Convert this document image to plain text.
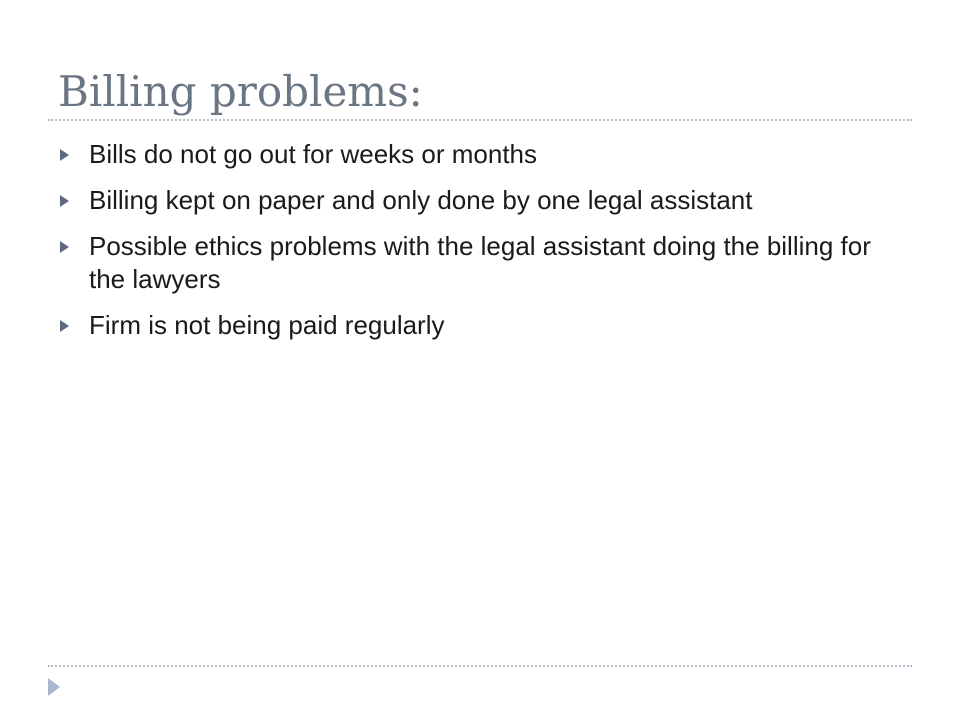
Billing problems:
Bills do not go out for weeks or months
Billing kept on paper and only done by one legal assistant
Possible ethics problems with the legal assistant doing the billing for the lawyers
Firm is not being paid regularly
